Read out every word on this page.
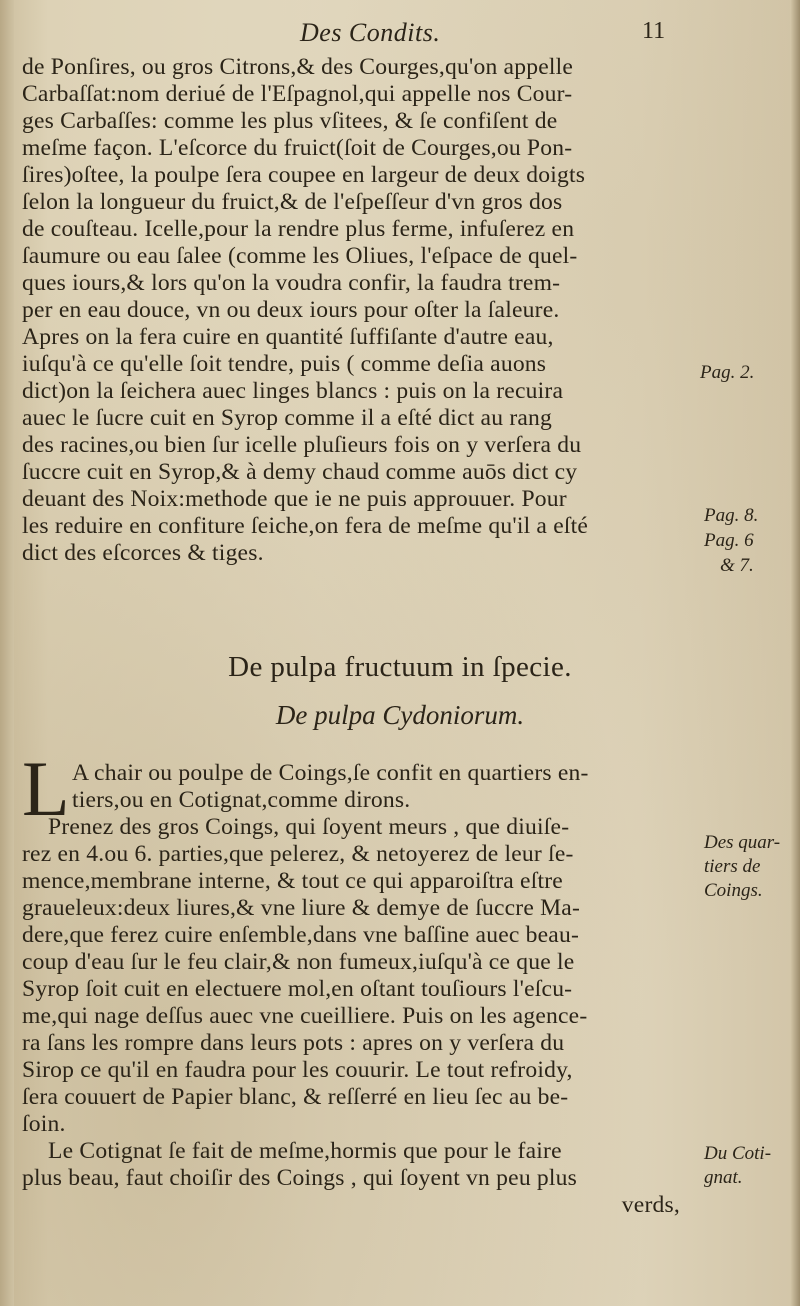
Des Condits.	11
de Ponſires, ou gros Citrons,& des Courges,qu'on appelle
Carbaſſat:nom deriué de l'Eſpagnol,qui appelle nos Cour-
ges Carbaſſes: comme les plus vſitees, & ſe confiſent de
meſme façon. L'eſcorce du fruict(ſoit de Courges,ou Pon-
ſires)oſtee, la poulpe ſera coupee en largeur de deux doigts
ſelon la longueur du fruict,& de l'eſpeſſeur d'vn gros dos
de couſteau. Icelle,pour la rendre plus ferme, infuſerez en
ſaumure ou eau ſalee (comme les Oliues, l'eſpace de quel-
ques iours,& lors qu'on la voudra confir, la faudra trem-
per en eau douce, vn ou deux iours pour oſter la ſaleure.
Apres on la fera cuire en quantité ſuffiſante d'autre eau,
iuſqu'à ce qu'elle ſoit tendre, puis ( comme deſia auons
dict)on la ſeichera auec linges blancs : puis on la recuira
auec le ſucre cuit en Syrop comme il a eſté dict au rang
des racines,ou bien ſur icelle pluſieurs fois on y verſera du
ſuccre cuit en Syrop,& à demy chaud comme auōs dict cy
deuant des Noix:methode que ie ne puis approuuer. Pour
les reduire en confiture ſeiche,on fera de meſme qu'il a eſté
dict des eſcorces & tiges.
Pag. 2.
Pag. 8.
Pag. 6
& 7.
De pulpa fructuum in ſpecie.
De pulpa Cydoniorum.
L A chair ou poulpe de Coings,ſe confit en quartiers en-
tiers,ou en Cotignat,comme dirons.
Prenez des gros Coings, qui ſoyent meurs , que diuiſe-
rez en 4.ou 6. parties,que pelerez, & netoyerez de leur ſe-
mence,membrane interne, & tout ce qui apparoiſtra eſtre
graueleux:deux liures,& vne liure & demye de ſuccre Ma-
dere,que ferez cuire enſemble,dans vne baſſine auec beau-
coup d'eau ſur le feu clair,& non fumeux,iuſqu'à ce que le
Syrop ſoit cuit en electuere mol,en oſtant touſiours l'eſcu-
me,qui nage deſſus auec vne cueilliere. Puis on les agence-
ra ſans les rompre dans leurs pots : apres on y verſera du
Sirop ce qu'il en faudra pour les couurir. Le tout refroidy,
ſera couuert de Papier blanc, & reſſerré en lieu ſec au be-
ſoin.
Le Cotignat ſe fait de meſme,hormis que pour le faire
plus beau, faut choiſir des Coings , qui ſoyent vn peu plus
verds,
Des quar-
tiers de
Coings.
Du Coti-
gnat.
